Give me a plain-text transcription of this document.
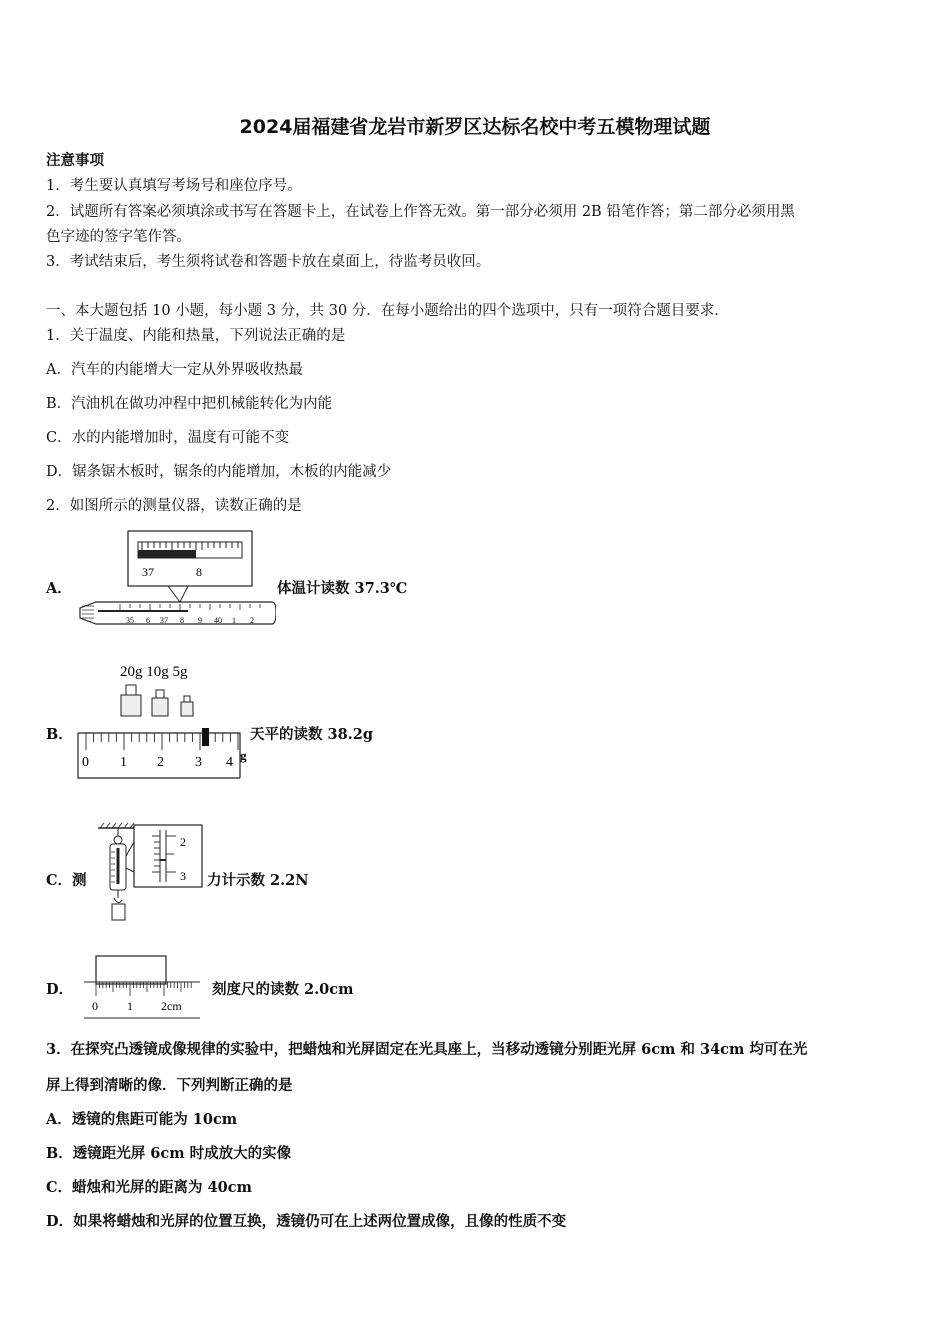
2024届福建省龙岩市新罗区达标名校中考五模物理试题
注意事项
1．考生要认真填写考场号和座位序号。
2．试题所有答案必须填涂或书写在答题卡上，在试卷上作答无效。第一部分必须用 2B 铅笔作答；第二部分必须用黑
色字迹的签字笔作答。
3．考试结束后，考生须将试卷和答题卡放在桌面上，待监考员收回。
一、本大题包括 10 小题，每小题 3 分，共 30 分．在每小题给出的四个选项中，只有一项符合题目要求．
1．关于温度、内能和热量，下列说法正确的是
A．汽车的内能增大一定从外界吸收热最
B．汽油机在做功冲程中把机械能转化为内能
C．水的内能增加时，温度有可能不变
D．锯条锯木板时，锯条的内能增加，木板的内能减少
2．如图所示的测量仪器，读数正确的是
A．
37	8
35 6 37 8 9 40 1 2
体温计读数 37.3℃
B．
20g 10g 5g
0 1 2 3 4 g
天平的读数 38.2g
C．测
2
3 力计示数 2.2N
D．
0 1 2cm
刻度尺的读数 2.0cm
3．在探究凸透镜成像规律的实验中，把蜡烛和光屏固定在光具座上，当移动透镜分别距光屏 6cm 和 34cm 均可在光
屏上得到清晰的像．下列判断正确的是
A．透镜的焦距可能为 10cm
B．透镜距光屏 6cm 时成放大的实像
C．蜡烛和光屏的距离为 40cm
D．如果将蜡烛和光屏的位置互换，透镜仍可在上述两位置成像，且像的性质不变
